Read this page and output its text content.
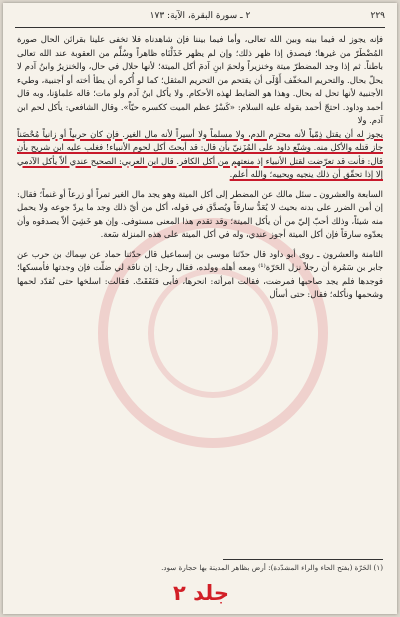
٢٢٩
٢ ـ سورة البقرة، الآية: ١٧٣

فإنه يجوز له فيما بينه وبين الله تعالى، وأما فيما بيننا فإن شاهدناه فلا تخفى علينا بقرائن الحال صورة المُضْطَرّ من غيرها؛ فيصدق إذا ظهر ذلك؛ وإن لم يظهر خَذَلْنَاه ظاهراً وسُلِّم من العقوبة عند الله تعالى باطناً. ثم إذا وجد المضطرّ ميتة وخنزيراً ولحمَ ابنِ آدمَ أكل الميتة؛ لأنها حلال في حال، والخنزيرُ وابنُ آدم لا يحلّ بحال. والتحريم المخفّف أَوْلَى أن يقتحم من التحريم المثقل؛ كما لو أُكره أن يطأ أخته أو أجنبية، وطيء الأجنبية لأنها تحل له بحال. وهذا هو الضابط لهذه الأحكام. ولا يأكل ابنُ آدم ولو مات؛ قاله علماؤنا، وبه قال أحمد وداود. احتجّ أحمد بقوله عليه السلام: «كَسْرُ عظم الميت ككسره حيّاً». وقال الشافعي: يأكل لحم ابن آدم. ولا

يجوز له أن يقتل ذِمّياً لأنه محترم الدم، ولا مسلماً ولا أسيراً لأنه مال الغير. فإن كان حربياً أو زانياً مُحْصَناً جاز قتله والأكل منه. وشنّع داود على المُزَنيّ بأن قال: قد أبحتَ أكل لحوم الأنبياء! فغلب عليه ابن شريح بأن قال: فأنت قد تعرّضت لقتل الأنبياء إذ منعتهم من أكل الكافر. قال ابن العربي: الصحيح عندي ألاّ يأكل الآدمي إلا إذا تحقّق أن ذلك ينجيه ويحييه؛ والله أعلم.

السابعة والعشرون ـ سئل مالك عن المضطر إلى أكل الميتة وهو يجد مال الغير تمراً أو زرعاً أو غنماً؛ فقال: إن أمن الضرر على بدنه بحيث لا يُعَدُّ سارقاً ويُصدَّق في قوله، أكل من أيّ ذلك وجد ما يردّ جوعه ولا يحمل منه شيئاً، وذلك أحبّ إليّ من أن يأكل الميتة؛ وقد تقدم هذا المعنى مستوفى. وإن هو خَشِيَ ألاّ يصدقوه وأن يعدّوه سارقاً فإن أكل الميتة أجوز عندي، وله في أكل الميتة على هذه المنزلة سَعة.

الثامنة والعشرون ـ روى أبو داود قال حدّثنا موسى بن إسماعيل قال حدّثنا حماد عن سِماك بن حرب عن جابر بن سَمُرة أن رجلاً نزل الحَرّة⁽¹⁾ ومعه أهله وولده، فقال رجل: إن ناقة لي ضلّت فإن وجدتها فأمسكها؛ فوجدها فلم يجد صاحبها فمرضت، فقالت امرأته: انحرها، فأبى فنَفَقَتْ. فقالت: اسلخها حتى نُقدّد لحمها وشحمها ونأكله؛ فقال: حتى أسأل

(١) الحَرّة (بفتح الحاء والراء المشدّدة): أرض بظاهر المدينة بها حجارة سود.
جلد ٢
